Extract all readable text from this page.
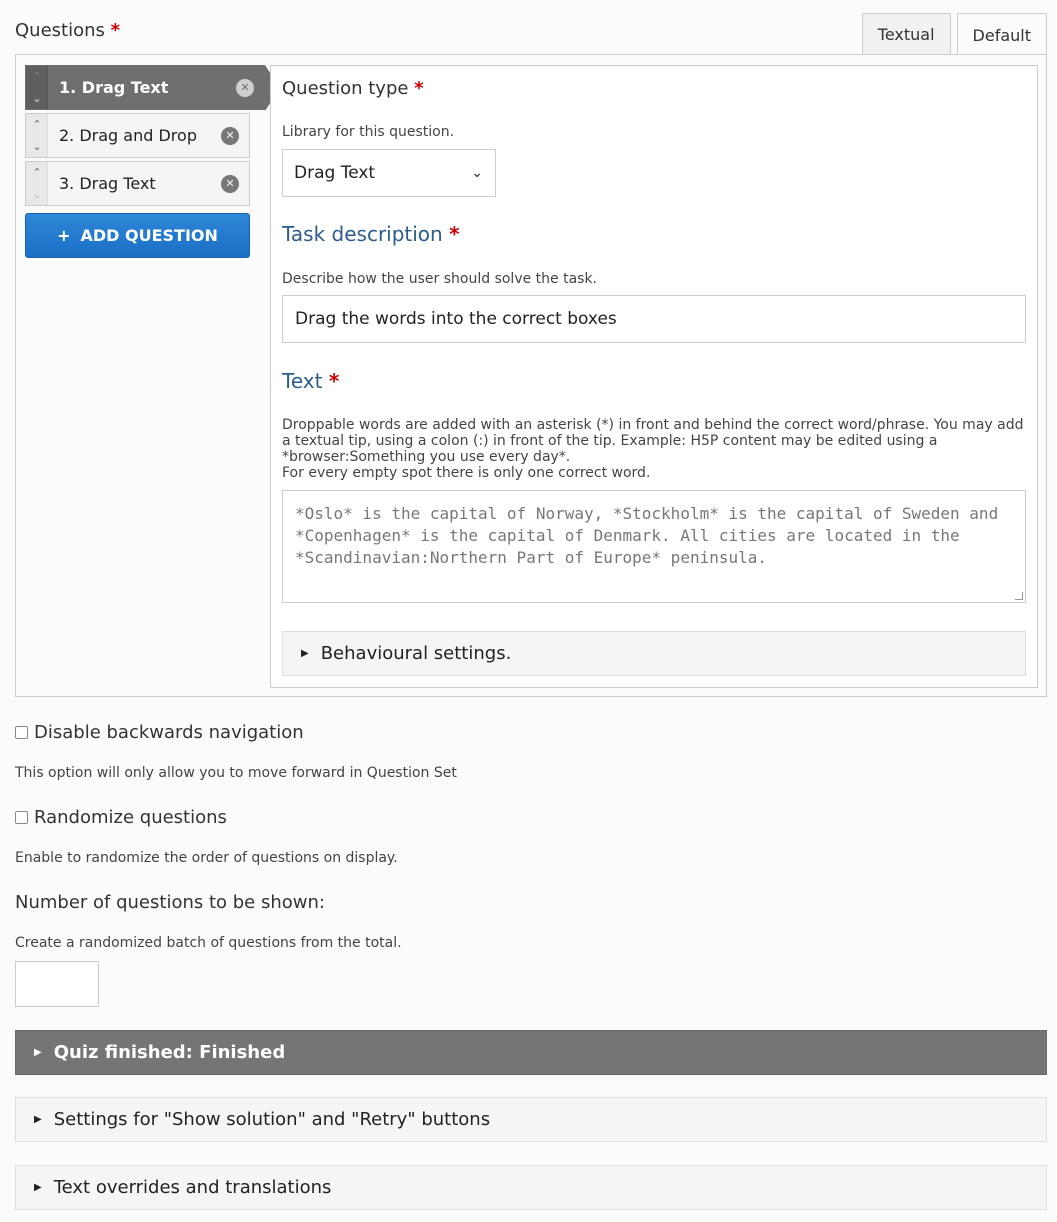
Questions *	Textual	Default
⌃
⌄
1. Drag Text	✕
⌃
⌄
2. Drag and Drop	✕
⌃
⌄
3. Drag Text	✕
+ ADD QUESTION
Question type *
Library for this question.
Drag Text	⌄
Task description *
Describe how the user should solve the task.
Drag the words into the correct boxes
Text *
Droppable words are added with an asterisk (*) in front and behind the correct word/phrase. You may add a textual tip, using a colon (:) in front of the tip. Example: H5P content may be edited using a *browser:Something you use every day*.
For every empty spot there is only one correct word.
*Oslo* is the capital of Norway, *Stockholm* is the capital of Sweden and *Copenhagen* is the capital of Denmark. All cities are located in the *Scandinavian:Northern Part of Europe* peninsula.
▶ Behavioural settings.
Disable backwards navigation
This option will only allow you to move forward in Question Set
Randomize questions
Enable to randomize the order of questions on display.
Number of questions to be shown:
Create a randomized batch of questions from the total.
▶ Quiz finished: Finished
▶ Settings for "Show solution" and "Retry" buttons
▶ Text overrides and translations
